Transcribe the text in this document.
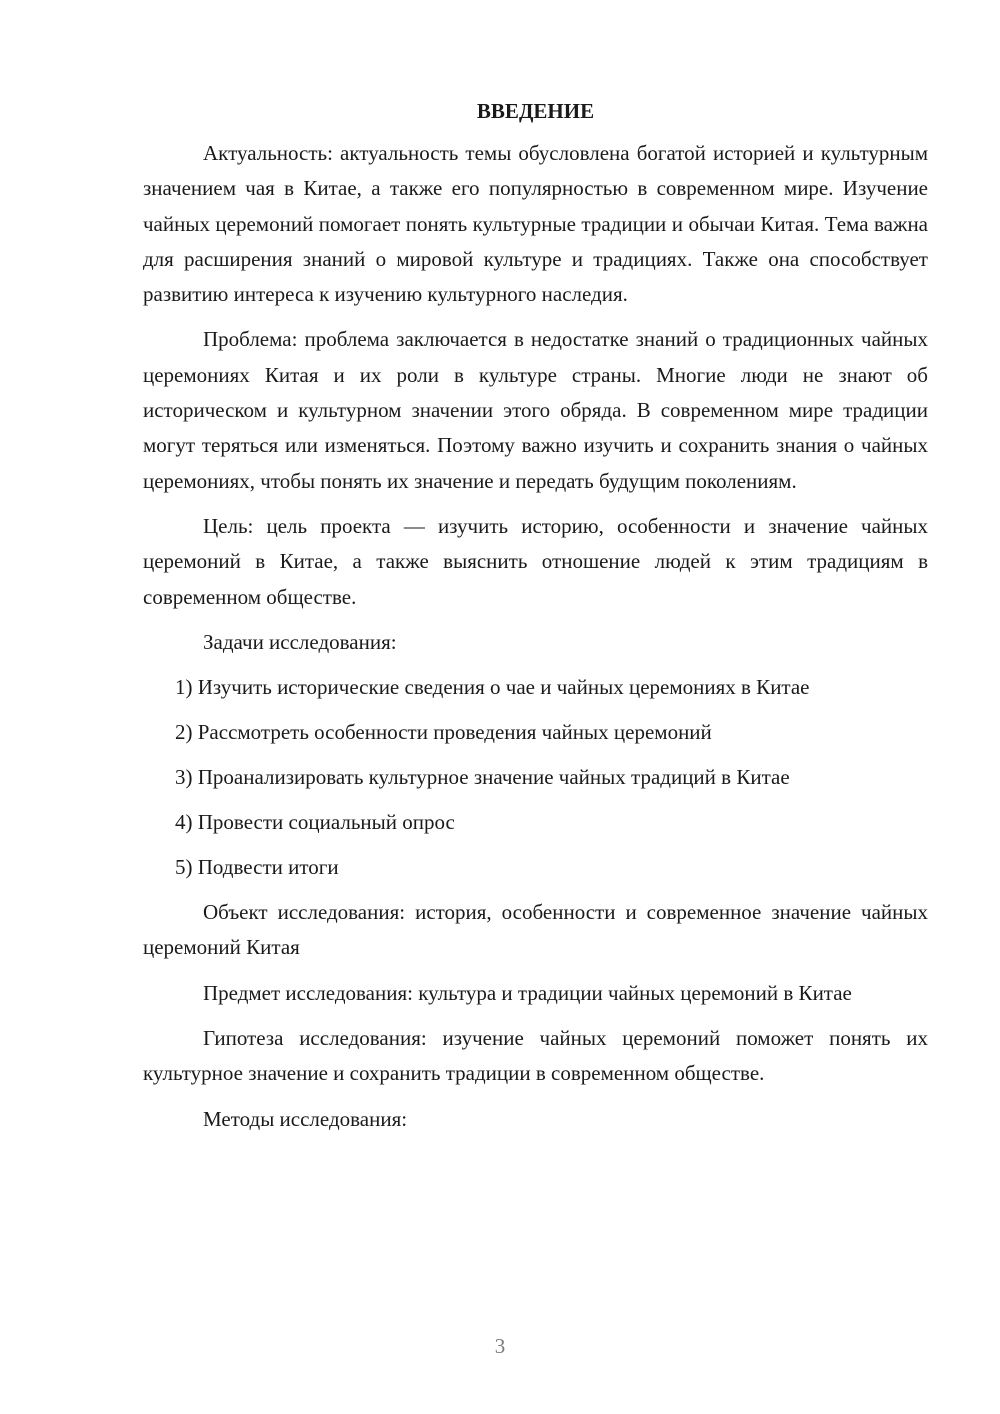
ВВЕДЕНИЕ

Актуальность: актуальность темы обусловлена богатой историей и культурным значением чая в Китае, а также его популярностью в современном мире. Изучение чайных церемоний помогает понять культурные традиции и обычаи Китая. Тема важна для расширения знаний о мировой культуре и традициях. Также она способствует развитию интереса к изучению культурного наследия.

Проблема: проблема заключается в недостатке знаний о традиционных чайных церемониях Китая и их роли в культуре страны. Многие люди не знают об историческом и культурном значении этого обряда. В современном мире традиции могут теряться или изменяться. Поэтому важно изучить и сохранить знания о чайных церемониях, чтобы понять их значение и передать будущим поколениям.

Цель: цель проекта — изучить историю, особенности и значение чайных церемоний в Китае, а также выяснить отношение людей к этим традициям в современном обществе.

Задачи исследования:

1) Изучить исторические сведения о чае и чайных церемониях в Китае

2) Рассмотреть особенности проведения чайных церемоний

3) Проанализировать культурное значение чайных традиций в Китае

4) Провести социальный опрос

5) Подвести итоги

Объект исследования: история, особенности и современное значение чайных церемоний Китая

Предмет исследования: культура и традиции чайных церемоний в Китае

Гипотеза исследования: изучение чайных церемоний поможет понять их культурное значение и сохранить традиции в современном обществе.

Методы исследования:

3
